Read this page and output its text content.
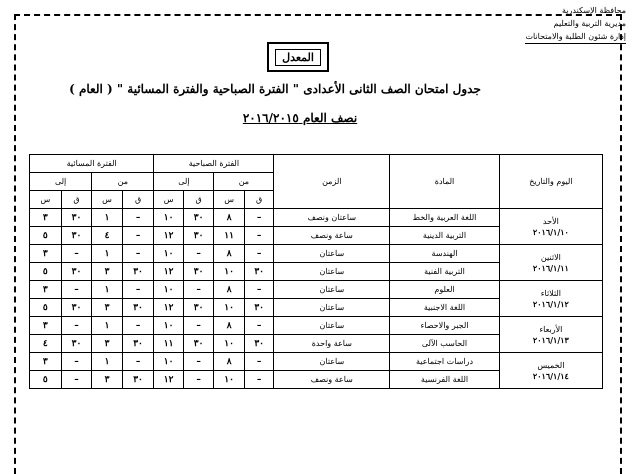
محافظة الإسكندرية
مديرية التربية والتعليم
إدارة شئون الطلبة والامتحانات
المعدل
جدول امتحان الصف الثانى الأعدادى " الفترة الصباحية والفترة المسائية " ( العام )
نصف العام ٢٠١٦/٢٠١٥
اليوم والتاريخ	المادة	الزمن	الفترة الصباحية				الفترة المسائية			
			من		إلى		من		إلى	
			ق	س	ق	س	ق	س	ق	س

الأحد
٢٠١٦/١/١٠	اللغة العربية والخط	ساعتان ونصف	–	٨	٣٠	١٠	–	١	٣٠	٣
	التربية الدينية	ساعة ونصف	–	١١	٣٠	١٢	–	٤	٣٠	٥

الاثنين
٢٠١٦/١/١١	الهندسة	ساعتان	–	٨	–	١٠	–	١	–	٣
	التربية الفنية	ساعتان	٣٠	١٠	٣٠	١٢	٣٠	٣	٣٠	٥

الثلاثاء
٢٠١٦/١/١٢	العلوم	ساعتان	–	٨	–	١٠	–	١	–	٣
	اللغة الاجنبية	ساعتان	٣٠	١٠	٣٠	١٢	٣٠	٣	٣٠	٥

الأربعاء
٢٠١٦/١/١٣	الجبر والاحصاء	ساعتان	–	٨	–	١٠	–	١	–	٣
	الحاسب الآلى	ساعة واحدة	٣٠	١٠	٣٠	١١	٣٠	٣	٣٠	٤

الخميس
٢٠١٦/١/١٤	دراسات اجتماعية	ساعتان	–	٨	–	١٠	–	١	–	٣
	اللغة الفرنسية	ساعة ونصف	–	١٠	–	١٢	٣٠	٣	–	٥
